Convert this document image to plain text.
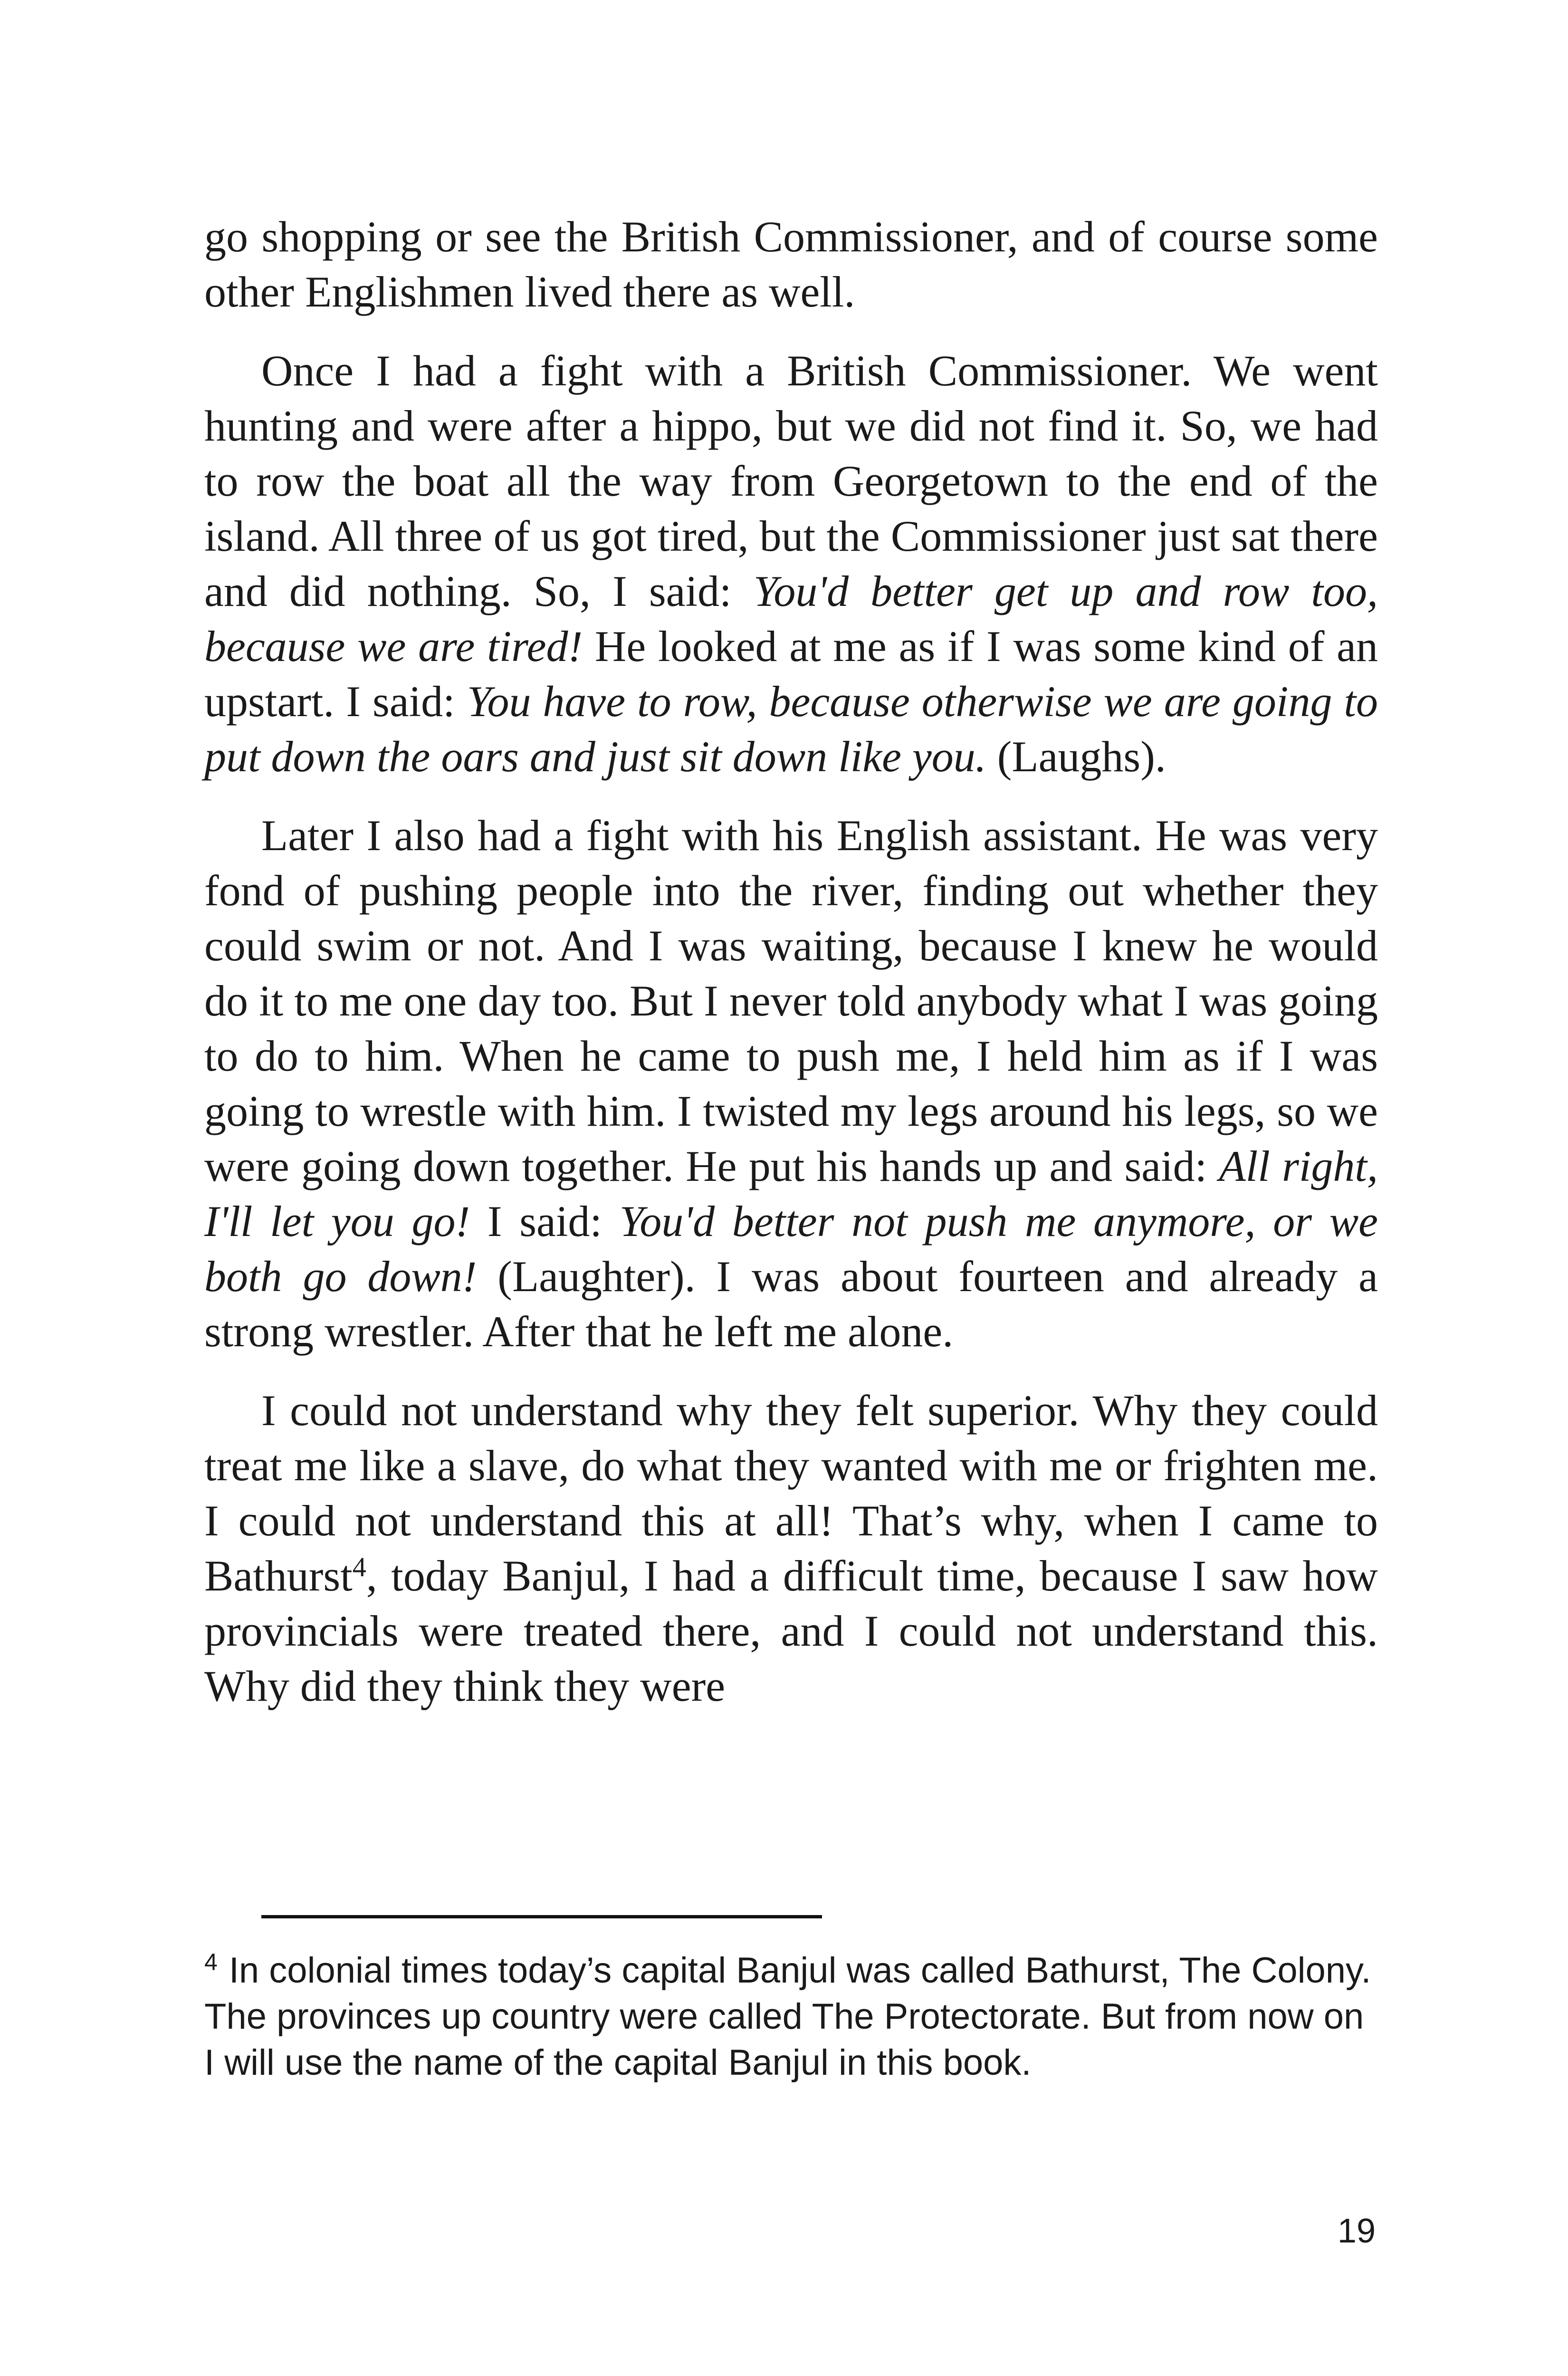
go shopping or see the British Commissioner, and of course some other Englishmen lived there as well.

Once I had a fight with a British Commissioner. We went hunting and were after a hippo, but we did not find it. So, we had to row the boat all the way from Georgetown to the end of the island. All three of us got tired, but the Commissioner just sat there and did nothing. So, I said: You'd better get up and row too, because we are tired! He looked at me as if I was some kind of an upstart. I said: You have to row, because otherwise we are going to put down the oars and just sit down like you. (Laughs).

Later I also had a fight with his English assistant. He was very fond of pushing people into the river, finding out whether they could swim or not. And I was waiting, because I knew he would do it to me one day too. But I never told anybody what I was going to do to him. When he came to push me, I held him as if I was going to wrestle with him. I twisted my legs around his legs, so we were going down together. He put his hands up and said: All right, I'll let you go! I said: You'd better not push me anymore, or we both go down! (Laughter). I was about fourteen and already a strong wrestler. After that he left me alone.

I could not understand why they felt superior. Why they could treat me like a slave, do what they wanted with me or frighten me. I could not understand this at all! That’s why, when I came to Bathurst$^4$, today Banjul, I had a difficult time, because I saw how provincials were treated there, and I could not understand this. Why did they think they were

$^4$ In colonial times today’s capital Banjul was called Bathurst, The Colony. The provinces up country were called The Protectorate. But from now on I will use the name of the capital Banjul in this book.

19
